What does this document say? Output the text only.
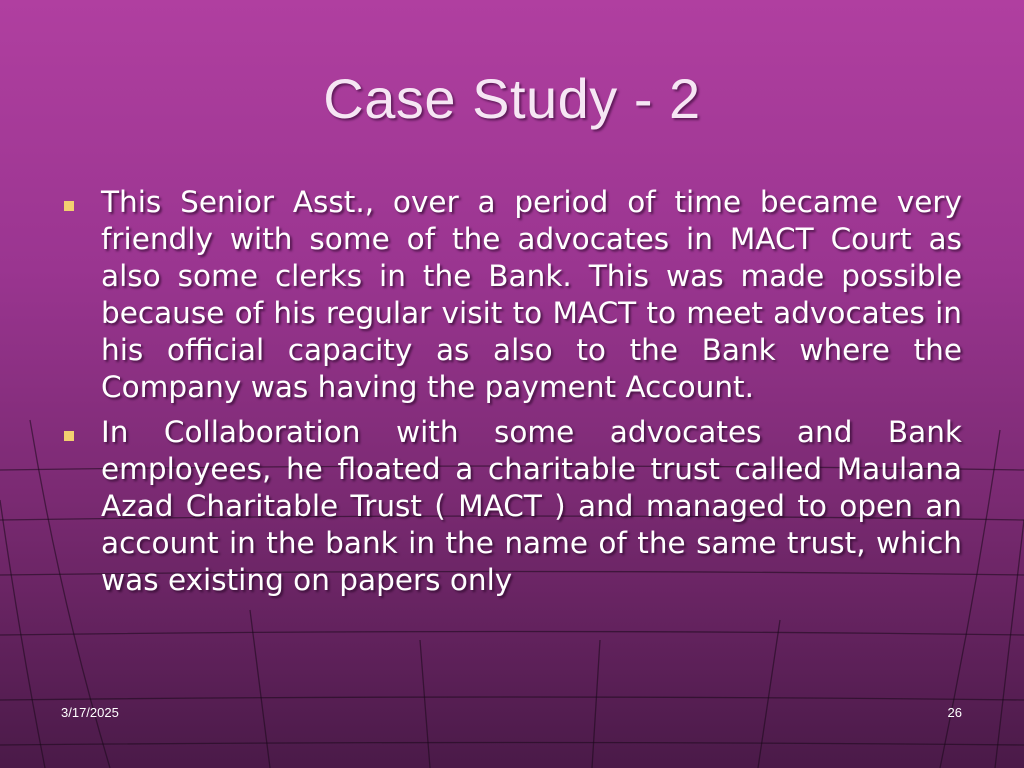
Case Study - 2
This Senior Asst., over a period of time became very friendly with some of the advocates in MACT Court as also some clerks in the Bank. This was made possible because of his regular visit to MACT to meet advocates in his official capacity as also to the Bank where the Company was having the payment Account.
In Collaboration with some advocates and Bank employees, he floated a charitable trust called Maulana Azad Charitable Trust ( MACT ) and managed to open an account in the bank in the name of the same trust, which was existing on papers only
3/17/2025	26
